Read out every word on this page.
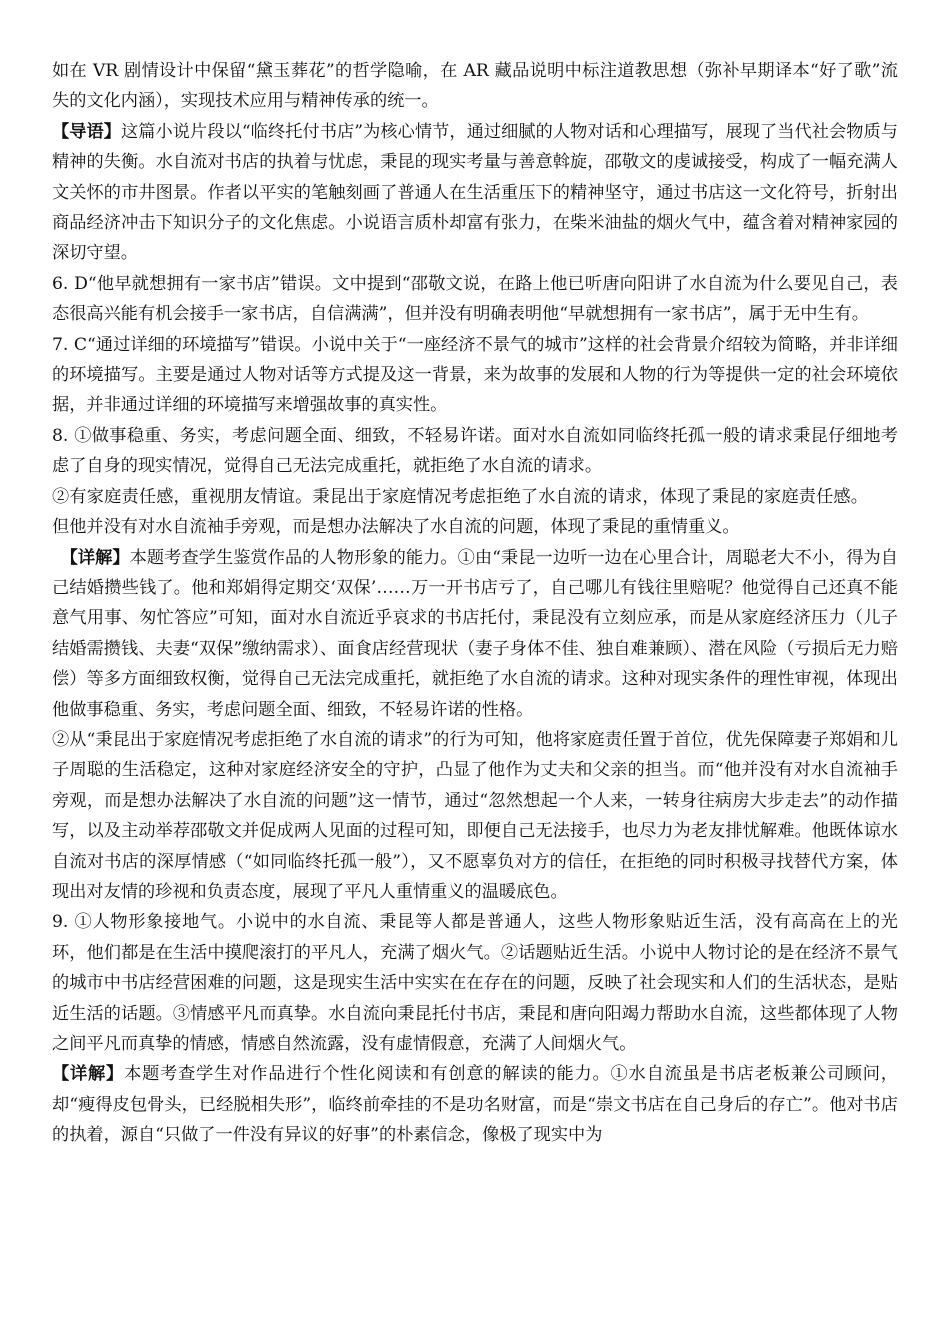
如在 VR 剧情设计中保留“黛玉葬花”的哲学隐喻，在 AR 藏品说明中标注道教思想（弥补早期译本“好了歌”流失的文化内涵），实现技术应用与精神传承的统一。

【导语】这篇小说片段以“临终托付书店”为核心情节，通过细腻的人物对话和心理描写，展现了当代社会物质与精神的失衡。水自流对书店的执着与忧虑，秉昆的现实考量与善意斡旋，邵敬文的虔诚接受，构成了一幅充满人文关怀的市井图景。作者以平实的笔触刻画了普通人在生活重压下的精神坚守，通过书店这一文化符号，折射出商品经济冲击下知识分子的文化焦虑。小说语言质朴却富有张力，在柴米油盐的烟火气中，蕴含着对精神家园的深切守望。

6. D“他早就想拥有一家书店”错误。文中提到“邵敬文说，在路上他已听唐向阳讲了水自流为什么要见自己，表态很高兴能有机会接手一家书店，自信满满”，但并没有明确表明他“早就想拥有一家书店”，属于无中生有。

7. C“通过详细的环境描写”错误。小说中关于“一座经济不景气的城市”这样的社会背景介绍较为简略，并非详细的环境描写。主要是通过人物对话等方式提及这一背景，来为故事的发展和人物的行为等提供一定的社会环境依据，并非通过详细的环境描写来增强故事的真实性。

8. ①做事稳重、务实，考虑问题全面、细致，不轻易许诺。面对水自流如同临终托孤一般的请求秉昆仔细地考虑了自身的现实情况，觉得自己无法完成重托，就拒绝了水自流的请求。

②有家庭责任感，重视朋友情谊。秉昆出于家庭情况考虑拒绝了水自流的请求，体现了秉昆的家庭责任感。但他并没有对水自流袖手旁观，而是想办法解决了水自流的问题，体现了秉昆的重情重义。

【详解】本题考查学生鉴赏作品的人物形象的能力。①由“秉昆一边听一边在心里合计，周聪老大不小，得为自己结婚攒些钱了。他和郑娟得定期交‘双保’……万一开书店亏了，自己哪儿有钱往里赔呢？他觉得自己还真不能意气用事、匆忙答应”可知，面对水自流近乎哀求的书店托付，秉昆没有立刻应承，而是从家庭经济压力（儿子结婚需攒钱、夫妻“双保”缴纳需求）、面食店经营现状（妻子身体不佳、独自难兼顾）、潜在风险（亏损后无力赔偿）等多方面细致权衡，觉得自己无法完成重托，就拒绝了水自流的请求。这种对现实条件的理性审视，体现出他做事稳重、务实，考虑问题全面、细致，不轻易许诺的性格。

②从“秉昆出于家庭情况考虑拒绝了水自流的请求”的行为可知，他将家庭责任置于首位，优先保障妻子郑娟和儿子周聪的生活稳定，这种对家庭经济安全的守护，凸显了他作为丈夫和父亲的担当。而“他并没有对水自流袖手旁观，而是想办法解决了水自流的问题”这一情节，通过“忽然想起一个人来，一转身往病房大步走去”的动作描写，以及主动举荐邵敬文并促成两人见面的过程可知，即便自己无法接手，也尽力为老友排忧解难。他既体谅水自流对书店的深厚情感（“如同临终托孤一般”），又不愿辜负对方的信任，在拒绝的同时积极寻找替代方案，体现出对友情的珍视和负责态度，展现了平凡人重情重义的温暖底色。

9. ①人物形象接地气。小说中的水自流、秉昆等人都是普通人，这些人物形象贴近生活，没有高高在上的光环，他们都是在生活中摸爬滚打的平凡人，充满了烟火气。②话题贴近生活。小说中人物讨论的是在经济不景气的城市中书店经营困难的问题，这是现实生活中实实在在存在的问题，反映了社会现实和人们的生活状态，是贴近生活的话题。③情感平凡而真挚。水自流向秉昆托付书店，秉昆和唐向阳竭力帮助水自流，这些都体现了人物之间平凡而真挚的情感，情感自然流露，没有虚情假意，充满了人间烟火气。

【详解】本题考查学生对作品进行个性化阅读和有创意的解读的能力。①水自流虽是书店老板兼公司顾问，却“瘦得皮包骨头，已经脱相失形”，临终前牵挂的不是功名财富，而是“崇文书店在自己身后的存亡”。他对书店的执着，源自“只做了一件没有异议的好事”的朴素信念，像极了现实中为
